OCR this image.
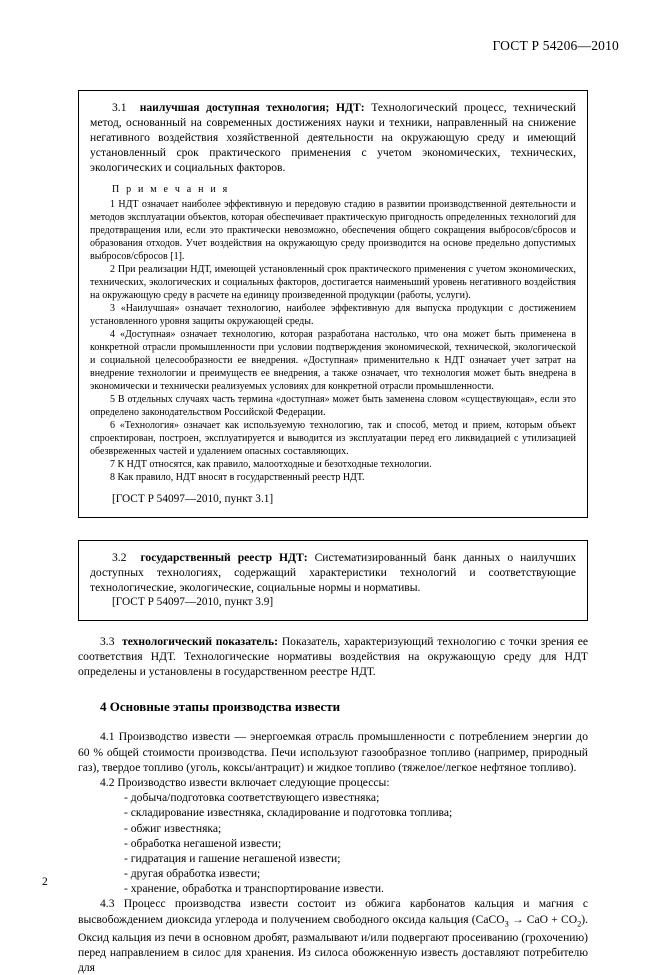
ГОСТ Р 54206—2010

3.1 наилучшая доступная технология; НДТ: Технологический процесс, технический метод, основанный на современных достижениях науки и техники, направленный на снижение негативного воздействия хозяйственной деятельности на окружающую среду и имеющий установленный срок практического применения с учетом экономических, технических, экологических и социальных факторов.

П р и м е ч а н и я

1 НДТ означает наиболее эффективную и передовую стадию в развитии производственной деятельности и методов эксплуатации объектов, которая обеспечивает практическую пригодность определенных технологий для предотвращения или, если это практически невозможно, обеспечения общего сокращения выбросов/сбросов и образования отходов. Учет воздействия на окружающую среду производится на основе предельно допустимых выбросов/сбросов [1].

2 При реализации НДТ, имеющей установленный срок практического применения с учетом экономических, технических, экологических и социальных факторов, достигается наименьший уровень негативного воздействия на окружающую среду в расчете на единицу произведенной продукции (работы, услуги).

3 «Наилучшая» означает технологию, наиболее эффективную для выпуска продукции с достижением установленного уровня защиты окружающей среды.

4 «Доступная» означает технологию, которая разработана настолько, что она может быть применена в конкретной отрасли промышленности при условии подтверждения экономической, технической, экологической и социальной целесообразности ее внедрения. «Доступная» применительно к НДТ означает учет затрат на внедрение технологии и преимуществ ее внедрения, а также означает, что технология может быть внедрена в экономически и технически реализуемых условиях для конкретной отрасли промышленности.

5 В отдельных случаях часть термина «доступная» может быть заменена словом «существующая», если это определено законодательством Российской Федерации.

6 «Технология» означает как используемую технологию, так и способ, метод и прием, которым объект спроектирован, построен, эксплуатируется и выводится из эксплуатации перед его ликвидацией с утилизацией обезвреженных частей и удалением опасных составляющих.

7 К НДТ относятся, как правило, малоотходные и безотходные технологии.

8 Как правило, НДТ вносят в государственный реестр НДТ.

[ГОСТ Р 54097—2010, пункт 3.1]

3.2 государственный реестр НДТ: Систематизированный банк данных о наилучших доступных технологиях, содержащий характеристики технологий и соответствующие технологические, экологические, социальные нормы и нормативы.

[ГОСТ Р 54097—2010, пункт 3.9]

3.3 технологический показатель: Показатель, характеризующий технологию с точки зрения ее соответствия НДТ. Технологические нормативы воздействия на окружающую среду для НДТ определены и установлены в государственном реестре НДТ.

4 Основные этапы производства извести

4.1 Производство извести — энергоемкая отрасль промышленности с потреблением энергии до 60 % общей стоимости производства. Печи используют газообразное топливо (например, природный газ), твердое топливо (уголь, коксы/антрацит) и жидкое топливо (тяжелое/легкое нефтяное топливо).

4.2 Производство извести включает следующие процессы:

- добыча/подготовка соответствующего известняка;

- складирование известняка, складирование и подготовка топлива;

- обжиг известняка;

- обработка негашеной извести;

- гидратация и гашение негашеной извести;

- другая обработка извести;

- хранение, обработка и транспортирование извести.

4.3 Процесс производства извести состоит из обжига карбонатов кальция и магния с высвобождением диоксида углерода и получением свободного оксида кальция (CaCO$_3$ → CaO + $CO_2$). Оксид кальция из печи в основном дробят, размалывают и/или подвергают просеиванию (грохочению) перед направлением в силос для хранения. Из силоса обожженную известь доставляют потребителю для

2
